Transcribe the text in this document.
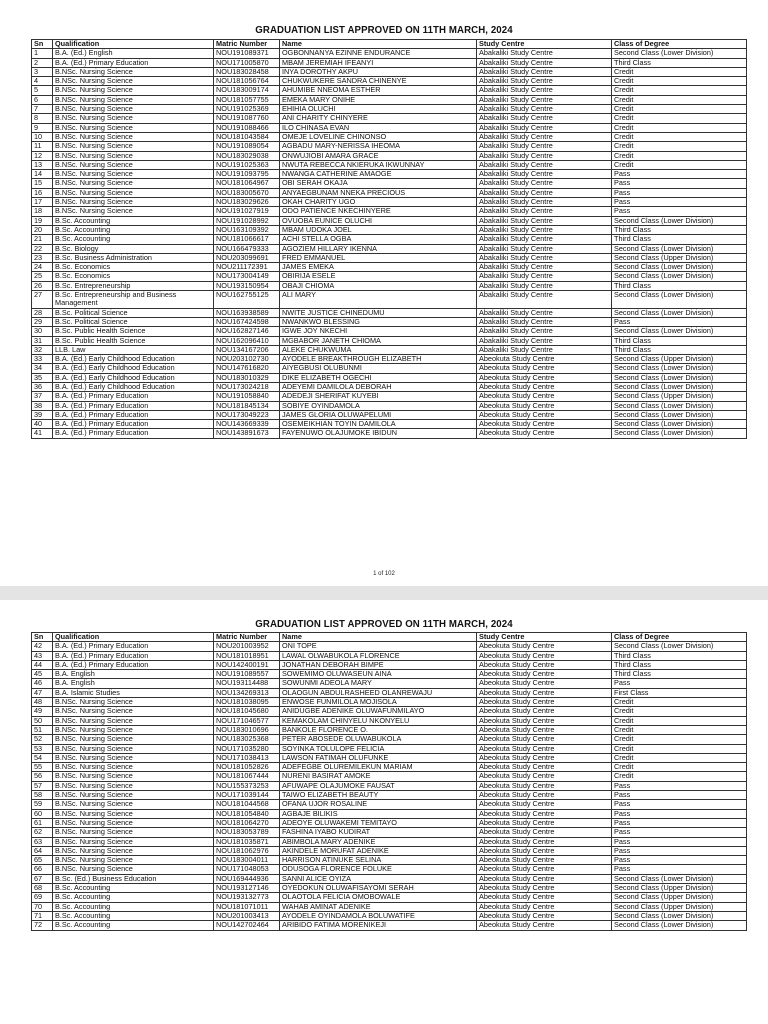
GRADUATION LIST APPROVED ON 11TH MARCH, 2024
Sn	Qualification	Matric Number	Name	Study Centre	Class of Degree
1	B.A. (Ed.) English	NOU191089371	OGBONNANYA EZINNE ENDURANCE	Abakaliki Study Centre	Second Class (Lower Division)
2	B.A. (Ed.) Primary Education	NOU171005870	MBAM JEREMIAH IFEANYI	Abakaliki Study Centre	Third Class
3	B.NSc. Nursing Science	NOU183028458	INYA DOROTHY AKPU	Abakaliki Study Centre	Credit
4	B.NSc. Nursing Science	NOU181056764	CHUKWUKERE SANDRA CHINENYE	Abakaliki Study Centre	Credit
5	B.NSc. Nursing Science	NOU183009174	AHUMIBE NNEOMA ESTHER	Abakaliki Study Centre	Credit
6	B.NSc. Nursing Science	NOU181057755	EMEKA MARY ONIHE	Abakaliki Study Centre	Credit
7	B.NSc. Nursing Science	NOU191025369	EHIHIA OLUCHI	Abakaliki Study Centre	Credit
8	B.NSc. Nursing Science	NOU191087760	ANI CHARITY CHINYERE	Abakaliki Study Centre	Credit
9	B.NSc. Nursing Science	NOU191088466	ILO CHINASA EVAN	Abakaliki Study Centre	Credit
10	B.NSc. Nursing Science	NOU181043584	OMEJE LOVELINE CHINONSO	Abakaliki Study Centre	Credit
11	B.NSc. Nursing Science	NOU191089054	AGBADU MARY-NERISSA IHEOMA	Abakaliki Study Centre	Credit
12	B.NSc. Nursing Science	NOU183029038	ONWUJIOBI AMARA GRACE	Abakaliki Study Centre	Credit
13	B.NSc. Nursing Science	NOU191025363	NWUTA REBECCA NKIERUKA IKWUNNAY	Abakaliki Study Centre	Credit
14	B.NSc. Nursing Science	NOU191093795	NWANGA CATHERINE AMAOGE	Abakaliki Study Centre	Pass
15	B.NSc. Nursing Science	NOU181064967	OBI SERAH OKAJA	Abakaliki Study Centre	Pass
16	B.NSc. Nursing Science	NOU183005670	ANYAEGBUNAM NNEKA PRECIOUS	Abakaliki Study Centre	Pass
17	B.NSc. Nursing Science	NOU183029626	OKAH CHARITY UGO	Abakaliki Study Centre	Pass
18	B.NSc. Nursing Science	NOU191027919	ODO PATIENCE NKECHINYERE	Abakaliki Study Centre	Pass
19	B.Sc. Accounting	NOU191028992	OVUOBA EUNICE OLUCHI	Abakaliki Study Centre	Second Class (Lower Division)
20	B.Sc. Accounting	NOU163109392	MBAM UDOKA JOEL	Abakaliki Study Centre	Third Class
21	B.Sc. Accounting	NOU181066617	ACHI STELLA OGBA	Abakaliki Study Centre	Third Class
22	B.Sc. Biology	NOU166479333	AGOZIEM HILLARY IKENNA	Abakaliki Study Centre	Second Class (Lower Division)
23	B.Sc. Business Administration	NOU203099691	FRED EMMANUEL	Abakaliki Study Centre	Second Class (Upper Division)
24	B.Sc. Economics	NOU211172391	JAMES EMEKA	Abakaliki Study Centre	Second Class (Lower Division)
25	B.Sc. Economics	NOU173004149	OBIRIJA ESELE	Abakaliki Study Centre	Second Class (Lower Division)
26	B.Sc. Entrepreneurship	NOU193150954	OBAJI CHIOMA	Abakaliki Study Centre	Third Class
27	B.Sc. Entrepreneurship and Business Management	NOU162755125	ALI MARY	Abakaliki Study Centre	Second Class (Lower Division)
28	B.Sc. Political Science	NOU163938589	NWITE JUSTICE CHINEDUMU	Abakaliki Study Centre	Second Class (Lower Division)
29	B.Sc. Political Science	NOU167424598	NWANKWO BLESSING	Abakaliki Study Centre	Pass
30	B.Sc. Public Health Science	NOU162827146	IGWE JOY NKECHI	Abakaliki Study Centre	Second Class (Lower Division)
31	B.Sc. Public Health Science	NOU162096410	MGBABOR JANETH CHIOMA	Abakaliki Study Centre	Third Class
32	LLB. Law	NOU134167206	ALEKE CHUKWUMA	Abakaliki Study Centre	Third Class
33	B.A. (Ed.) Early Childhood Education	NOU203102730	AYODELE BREAKTHROUGH ELIZABETH	Abeokuta Study Centre	Second Class (Upper Division)
34	B.A. (Ed.) Early Childhood Education	NOU147616820	AIYEGBUSI OLUBUNMI	Abeokuta Study Centre	Second Class (Lower Division)
35	B.A. (Ed.) Early Childhood Education	NOU183010329	DIKE ELIZABETH OGECHI	Abeokuta Study Centre	Second Class (Lower Division)
36	B.A. (Ed.) Early Childhood Education	NOU173024218	ADEYEMI DAMILOLA DEBORAH	Abeokuta Study Centre	Second Class (Lower Division)
37	B.A. (Ed.) Primary Education	NOU191058840	ADEDEJI SHERIFAT KUYEBI	Abeokuta Study Centre	Second Class (Upper Division)
38	B.A. (Ed.) Primary Education	NOU181845134	SOBIYE OYINDAMOLA	Abeokuta Study Centre	Second Class (Lower Division)
39	B.A. (Ed.) Primary Education	NOU173049223	JAMES GLORIA OLUWAPELUMI	Abeokuta Study Centre	Second Class (Lower Division)
40	B.A. (Ed.) Primary Education	NOU143669339	OSEMEIKHIAN TOYIN DAMILOLA	Abeokuta Study Centre	Second Class (Lower Division)
41	B.A. (Ed.) Primary Education	NOU143891673	FAYENUWO OLAJUMOKE IBIDUN	Abeokuta Study Centre	Second Class (Lower Division)
1 of 102
GRADUATION LIST APPROVED ON 11TH MARCH, 2024
Sn	Qualification	Matric Number	Name	Study Centre	Class of Degree
42	B.A. (Ed.) Primary Education	NOU201003952	ONI TOPE	Abeokuta Study Centre	Second Class (Lower Division)
43	B.A. (Ed.) Primary Education	NOU181018951	LAWAL OLWABUKOLA FLORENCE	Abeokuta Study Centre	Third Class
44	B.A. (Ed.) Primary Education	NOU142400191	JONATHAN DEBORAH BIMPE	Abeokuta Study Centre	Third Class
45	B.A. English	NOU191089557	SOWEMIMO OLUWASEUN AINA	Abeokuta Study Centre	Third Class
46	B.A. English	NOU193114488	SOWUNMI ADEOLA MARY	Abeokuta Study Centre	Pass
47	B.A. Islamic Studies	NOU134269313	OLAOGUN ABDULRASHEED OLANREWAJU	Abeokuta Study Centre	First Class
48	B.NSc. Nursing Science	NOU181038095	ENWOSE FUNMILOLA MOJISOLA	Abeokuta Study Centre	Credit
49	B.NSc. Nursing Science	NOU181045680	ANIDUGBE ADENIKE OLUWAFUNMILAYO	Abeokuta Study Centre	Credit
50	B.NSc. Nursing Science	NOU171046577	KEMAKOLAM CHINYELU NKONYELU	Abeokuta Study Centre	Credit
51	B.NSc. Nursing Science	NOU183010696	BANKOLE FLORENCE O.	Abeokuta Study Centre	Credit
52	B.NSc. Nursing Science	NOU183025368	PETER ABOSEDE OLUWABUKOLA	Abeokuta Study Centre	Credit
53	B.NSc. Nursing Science	NOU171035280	SOYINKA TOLULOPE FELICIA	Abeokuta Study Centre	Credit
54	B.NSc. Nursing Science	NOU171038413	LAWSON FATIMAH OLUFUNKE	Abeokuta Study Centre	Credit
55	B.NSc. Nursing Science	NOU181052826	ADEFEGBE OLUREMILEKUN MARIAM	Abeokuta Study Centre	Credit
56	B.NSc. Nursing Science	NOU181067444	NURENI BASIRAT AMOKE	Abeokuta Study Centre	Credit
57	B.NSc. Nursing Science	NOU155373253	AFUWAPE OLAJUMOKE FAUSAT	Abeokuta Study Centre	Pass
58	B.NSc. Nursing Science	NOU171039144	TAIWO ELIZABETH BEAUTY	Abeokuta Study Centre	Pass
59	B.NSc. Nursing Science	NOU181044568	OFANA UJOR ROSALINE	Abeokuta Study Centre	Pass
60	B.NSc. Nursing Science	NOU181054840	AGBAJE BILIKIS	Abeokuta Study Centre	Pass
61	B.NSc. Nursing Science	NOU181064270	ADEOYE OLUWAKEMI TEMITAYO	Abeokuta Study Centre	Pass
62	B.NSc. Nursing Science	NOU183053789	FASHINA IYABO KUDIRAT	Abeokuta Study Centre	Pass
63	B.NSc. Nursing Science	NOU181035871	ABIMBOLA MARY ADENIKE	Abeokuta Study Centre	Pass
64	B.NSc. Nursing Science	NOU181062976	AKINDELE MORUFAT ADENIKE	Abeokuta Study Centre	Pass
65	B.NSc. Nursing Science	NOU183004011	HARRISON ATINUKE SELINA	Abeokuta Study Centre	Pass
66	B.NSc. Nursing Science	NOU171048053	ODUSOGA FLORENCE FOLUKE	Abeokuta Study Centre	Pass
67	B.Sc. (Ed.) Business Education	NOU169444936	SANNI ALICE OYIZA	Abeokuta Study Centre	Second Class (Lower Division)
68	B.Sc. Accounting	NOU193127146	OYEDOKUN OLUWAFISAYOMI SERAH	Abeokuta Study Centre	Second Class (Upper Division)
69	B.Sc. Accounting	NOU193132773	OLAOTOLA FELICIA OMOBOWALE	Abeokuta Study Centre	Second Class (Upper Division)
70	B.Sc. Accounting	NOU181071011	WAHAB AMINAT ADENIKE	Abeokuta Study Centre	Second Class (Upper Division)
71	B.Sc. Accounting	NOU201003413	AYODELE OYINDAMOLA BOLUWATIFE	Abeokuta Study Centre	Second Class (Lower Division)
72	B.Sc. Accounting	NOU142702464	ARIBIDO FATIMA MORENIKEJI	Abeokuta Study Centre	Second Class (Lower Division)
